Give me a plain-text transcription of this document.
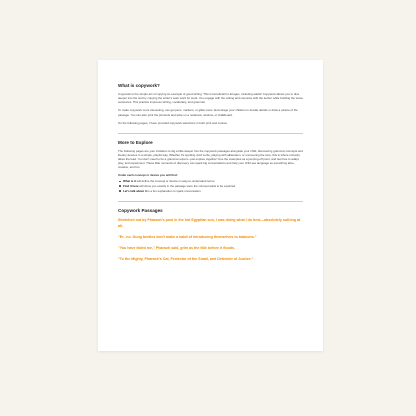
What is copywork?

Copywork is the simple act of copying an example of good writing. This is beneficial for all ages, including adults! Copywork allows you to dive deeper into the text by copying the writer's work word for word. You engage with the writing and converse with the author while building the same sentences. This practice improves writing, vocabulary, and grammar.

To make copywork more interesting, use gel pens, markers, or glitter pens. Encourage your children to doodle details or draw a picture of the passage. You can also print the printouts and write on a notebook, window, or chalkboard.

On the following pages, I have provided copywork selections in both print and cursive.

More to Explore

The following pages are your invitation to dig a little deeper into the copywork passages alongside your child, discovering grammar concepts and literary devices in a simple, playful way. Whether it's spotting vivid verbs, playing with alliteration, or uncovering the tone, this is where curiosity takes the lead. You don't need to be a grammar expert—just explore together! Use the examples as a jumping-off point, and feel free to adapt, play, and experiment. These little moments of discovery can spark big conversations and help your child see language as something alive, creative, and fun.

Under each concept or device you will find:

What is it will define the concept or device in easy-to-understand terms.
Find it here will show you exactly in the passage were the concept waits to be explored.
Let's talk about it is a fun explanation to spark conversation.
Copywork Passages

Stretched out by Pharaoh's pool in the hot Egyptian sun, I was doing what I do best—absolutely nothing at all.

"Er...no. Dung beetles don't make a habit of introducing themselves to baboons."

"You have failed me," Pharaoh said, grim as the Nile before it floods.

"To the Mighty, Pharaoh's Cat, Protector of the Small, and Defender of Justice."
